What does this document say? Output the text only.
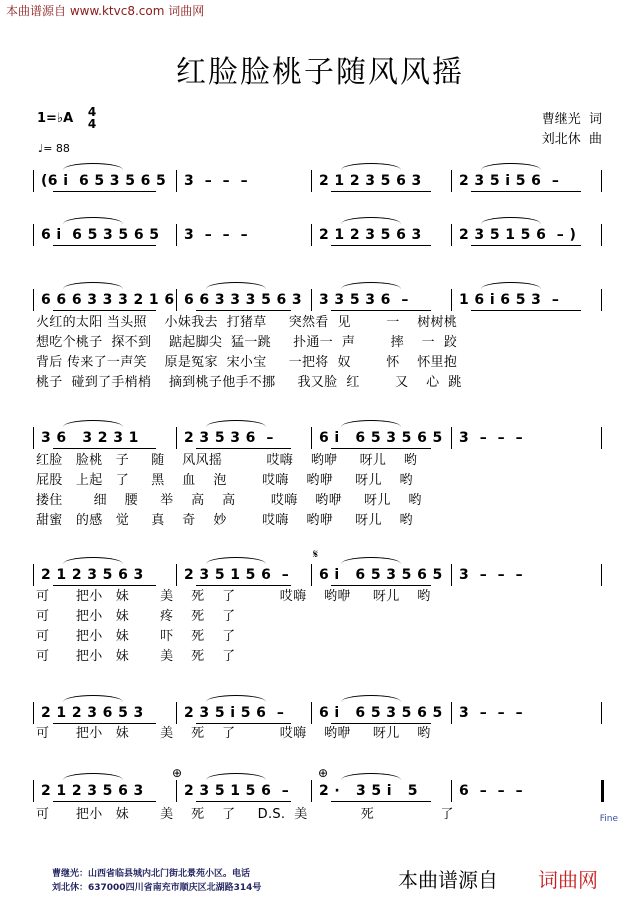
本曲谱源自 www.ktvc8.com 词曲网
红脸脸桃子随风风摇
1=♭A 4
4
♩= 88
曹继光  词
刘北休  曲
(6 i  6 5 3 5 6 5 3  –  –  –	2 1 2 3 5 6 3	2 3 5 i 5 6  –
6 i  6 5 3 5 6 5 3  –  –  –	2 1 2 3 5 6 3	2 3 5 1 5 6  – )
6 6 6 3 3 3 2 1 6 6 6 3 3 3 5 6 3 3 3 5 3 6  –	1 6 i 6 5 3  –
火红的太阳 当头照    小妹我去  打猪草     突然看  见        一    树树桃
想吃个桃子  探不到    踮起脚尖  猛一跳     扑通一  声        摔    一  跤
背后 传来了一声笑    原是冤家  宋小宝     一把将  奴        怀    怀里抱
桃子  碰到了手梢梢    摘到桃子他手不挪     我又脸  红        又    心  跳
3 6   3 2 3 1	2 3 5 3 6  –	6 i   6 5 3 5 6 5 3  –  –  –
红脸   脸桃   子     随    风风摇          哎嗨    哟咿     呀儿    哟
屁股   上起   了     黑    血    泡        哎嗨    哟咿     呀儿    哟
搂住       细    腰     举    高    高        哎嗨    哟咿     呀儿    哟
甜蜜   的感   觉     真    奇    妙        哎嗨    哟咿     呀儿    哟
2 1 2 3 5 6 3	2 3 5 1 5 6  – 6 i   6 5 3 5 6 5 3  –  –  –
可      把小   妹       美    死    了          哎嗨    哟咿     呀儿    哟
可      把小   妹       疼    死    了
可      把小   妹       吓    死    了
可      把小   妹       美    死    了
2 1 2 3 6 5 3	2 3 5 i 5 6  – 6 i   6 5 3 5 6 5 3  –  –  –
可      把小   妹       美    死    了          哎嗨    哟咿     呀儿    哟
2 1 2 3 5 6 3	2 3 5 1 5 6  – 2 ·   3 5 i   5	6  –  –  –
可      把小   妹       美    死    了     D.S.  美            死               了
𝄋
⊕	⊕
Fine
曹继光：山西省临县城内北门街北景苑小区。电话
刘北休：637000四川省南充市顺庆区北湖路314号	本曲谱源自 词曲网
